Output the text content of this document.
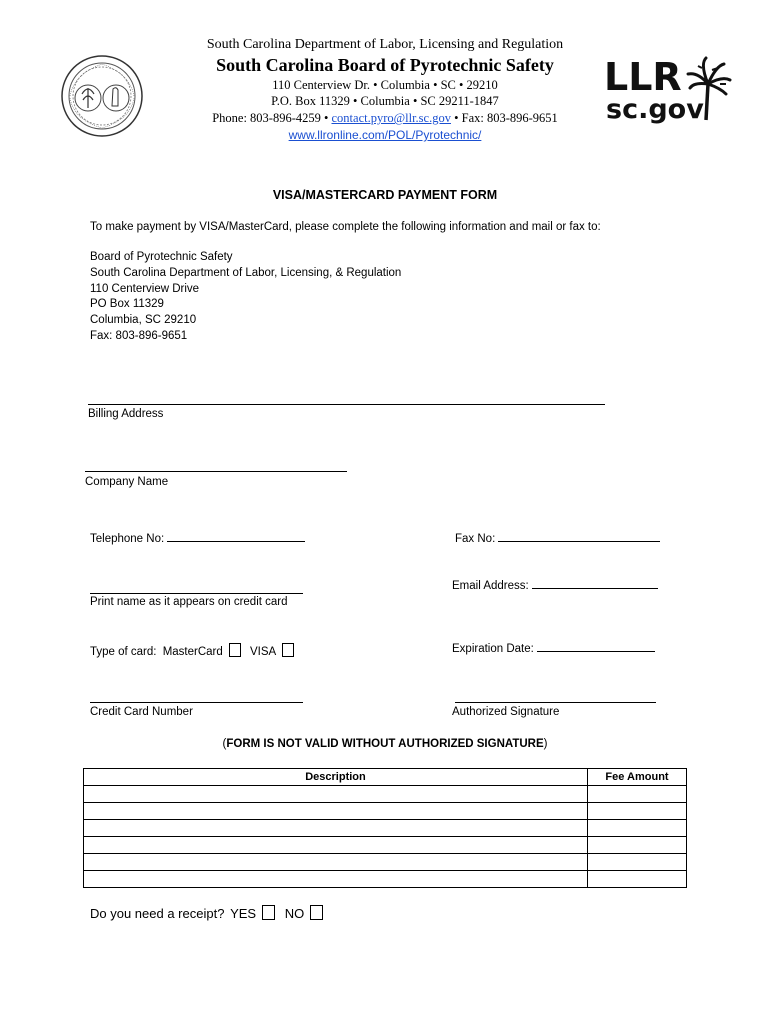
LLR
sc.gov
South Carolina Department of Labor, Licensing and Regulation
South Carolina Board of Pyrotechnic Safety
110 Centerview Dr. • Columbia • SC • 29210
P.O. Box 11329 • Columbia • SC 29211-1847
Phone: 803-896-4259 • contact.pyro@llr.sc.gov • Fax: 803-896-9651
www.llronline.com/POL/Pyrotechnic/
VISA/MASTERCARD PAYMENT FORM
To make payment by VISA/MasterCard, please complete the following information and mail or fax to:
Board of Pyrotechnic Safety
South Carolina Department of Labor, Licensing, & Regulation
110 Centerview Drive
PO Box 11329
Columbia, SC 29210
Fax: 803-896-9651
Billing Address
Company Name
Telephone No:	Fax No:
Print name as it appears on credit card
Email Address:
Type of card: MasterCard VISA	Expiration Date:
Credit Card Number	Authorized Signature
(FORM IS NOT VALID WITHOUT AUTHORIZED SIGNATURE)
Description	Fee Amount

Do you need a receipt? YES NO
